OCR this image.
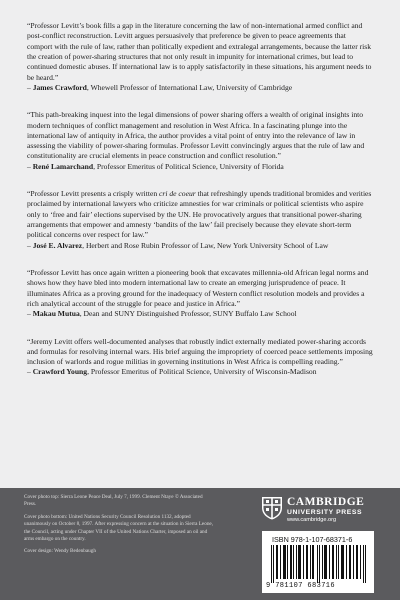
“Professor Levitt’s book fills a gap in the literature concerning the law of non-international armed conflict and post-conflict reconstruction. Levitt argues persuasively that preference be given to peace agreements that comport with the rule of law, rather than politically expedient and extralegal arrangements, because the latter risk the creation of power-sharing structures that not only result in impunity for international crimes, but lead to continued domestic abuses. If international law is to apply satisfactorily in these situations, his argument needs to be heard.”
– James Crawford, Whewell Professor of International Law, University of Cambridge
“This path-breaking inquest into the legal dimensions of power sharing offers a wealth of original insights into modern techniques of conflict management and resolution in West Africa. In a fascinating plunge into the international law of antiquity in Africa, the author provides a vital point of entry into the relevance of law in assessing the viability of power-sharing formulas. Professor Levitt convincingly argues that the rule of law and constitutionality are crucial elements in peace construction and conflict resolution.”
– René Lamarchand, Professor Emeritus of Political Science, University of Florida
“Professor Levitt presents a crisply written cri de coeur that refreshingly upends traditional bromides and verities proclaimed by international lawyers who criticize amnesties for war criminals or political scientists who aspire only to ‘free and fair’ elections supervised by the UN. He provocatively argues that transitional power-sharing arrangements that empower and amnesty ‘bandits of the law’ fail precisely because they elevate short-term political concerns over respect for law.”
– José E. Alvarez, Herbert and Rose Rubin Professor of Law, New York University School of Law
“Professor Levitt has once again written a pioneering book that excavates millennia-old African legal norms and shows how they have bled into modern international law to create an emerging jurisprudence of peace. It illuminates Africa as a proving ground for the inadequacy of Western conflict resolution models and provides a rich analytical account of the struggle for peace and justice in Africa.”
– Makau Mutua, Dean and SUNY Distinguished Professor, SUNY Buffalo Law School
“Jeremy Levitt offers well-documented analyses that robustly indict externally mediated power-sharing accords and formulas for resolving internal wars. His brief arguing the impropriety of coerced peace settlements imposing inclusion of warlords and rogue militias in governing institutions in West Africa is compelling reading.”
– Crawford Young, Professor Emeritus of Political Science, University of Wisconsin-Madison

Cover photo top: Sierra Leone Peace Deal, July 7, 1999. Clement Ntaye © Associated Press.

Cover photo bottom: United Nations Security Council Resolution 1132, adopted unanimously on October 8, 1997. After expressing concern at the situation in Sierra Leone, the Council, acting under Chapter VII of the United Nations Charter, imposed an oil and arms embargo on the country.

Cover design: Wendy Bedenbaugh

CAMBRIDGE
UNIVERSITY PRESS
www.cambridge.org
ISBN 978-1-107-68371-6
9 781107 683716
